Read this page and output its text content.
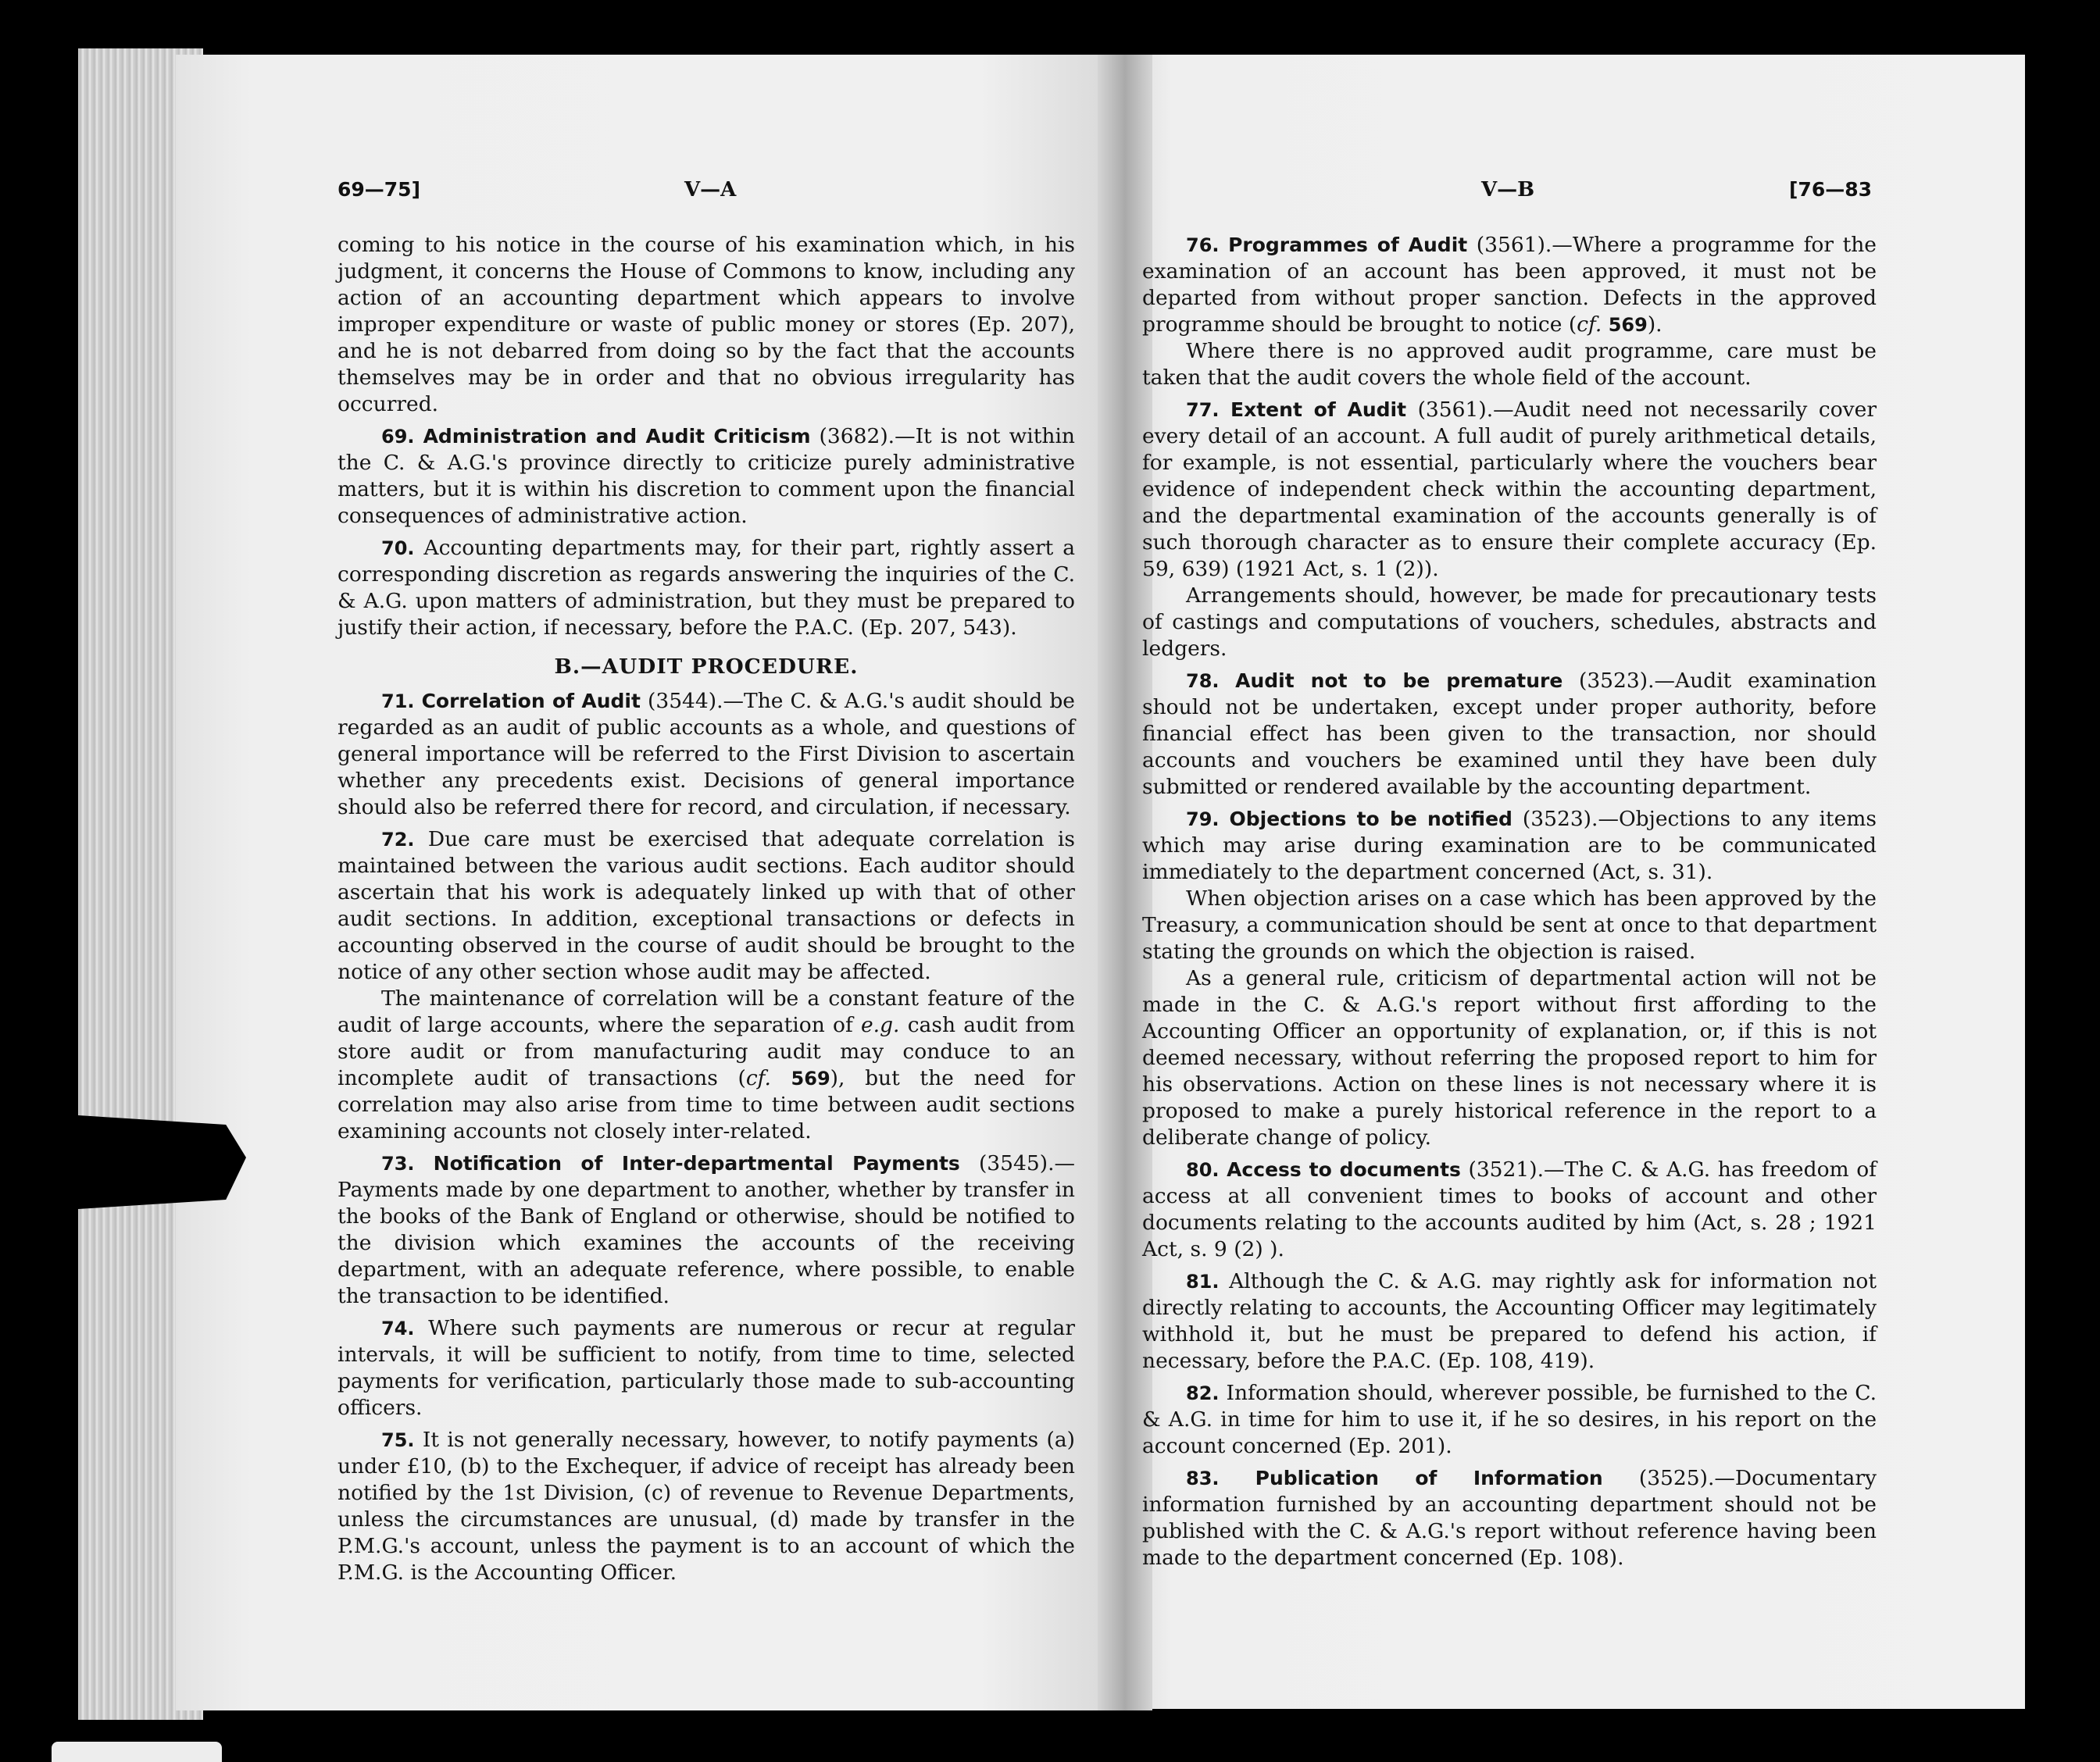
69—75]	V—A	V—B	[76—83

coming to his notice in the course of his examination which, in his judgment, it concerns the House of Commons to know, including any action of an accounting department which appears to involve improper expenditure or waste of public money or stores (Ep. 207), and he is not debarred from doing so by the fact that the accounts themselves may be in order and that no obvious irregularity has occurred.

69. Administration and Audit Criticism (3682).—It is not within the C. & A.G.'s province directly to criticize purely administrative matters, but it is within his discretion to comment upon the financial consequences of administrative action.

70. Accounting departments may, for their part, rightly assert a corresponding discretion as regards answering the inquiries of the C. & A.G. upon matters of administration, but they must be prepared to justify their action, if necessary, before the P.A.C. (Ep. 207, 543).

B.—AUDIT PROCEDURE.

71. Correlation of Audit (3544).—The C. & A.G.'s audit should be regarded as an audit of public accounts as a whole, and questions of general importance will be referred to the First Division to ascertain whether any precedents exist. Decisions of general importance should also be referred there for record, and circulation, if necessary.

72. Due care must be exercised that adequate correlation is maintained between the various audit sections. Each auditor should ascertain that his work is adequately linked up with that of other audit sections. In addition, exceptional transactions or defects in accounting observed in the course of audit should be brought to the notice of any other section whose audit may be affected.

The maintenance of correlation will be a constant feature of the audit of large accounts, where the separation of e.g. cash audit from store audit or from manufacturing audit may conduce to an incomplete audit of transactions (cf. 569), but the need for correlation may also arise from time to time between audit sections examining accounts not closely inter-related.

73. Notification of Inter-departmental Payments (3545).—Payments made by one department to another, whether by transfer in the books of the Bank of England or otherwise, should be notified to the division which examines the accounts of the receiving department, with an adequate reference, where possible, to enable the transaction to be identified.

74. Where such payments are numerous or recur at regular intervals, it will be sufficient to notify, from time to time, selected payments for verification, particularly those made to sub-accounting officers.

75. It is not generally necessary, however, to notify payments (a) under £10, (b) to the Exchequer, if advice of receipt has already been notified by the 1st Division, (c) of revenue to Revenue Departments, unless the circumstances are unusual, (d) made by transfer in the P.M.G.'s account, unless the payment is to an account of which the P.M.G. is the Accounting Officer.

76. Programmes of Audit (3561).—Where a programme for the examination of an account has been approved, it must not be departed from without proper sanction. Defects in the approved programme should be brought to notice (cf. 569).

Where there is no approved audit programme, care must be taken that the audit covers the whole field of the account.

77. Extent of Audit (3561).—Audit need not necessarily cover every detail of an account. A full audit of purely arithmetical details, for example, is not essential, particularly where the vouchers bear evidence of independent check within the accounting department, and the departmental examination of the accounts generally is of such thorough character as to ensure their complete accuracy (Ep. 59, 639) (1921 Act, s. 1 (2)).

Arrangements should, however, be made for precautionary tests of castings and computations of vouchers, schedules, abstracts and ledgers.

78. Audit not to be premature (3523).—Audit examination should not be undertaken, except under proper authority, before financial effect has been given to the transaction, nor should accounts and vouchers be examined until they have been duly submitted or rendered available by the accounting department.

79. Objections to be notified (3523).—Objections to any items which may arise during examination are to be communicated immediately to the department concerned (Act, s. 31).

When objection arises on a case which has been approved by the Treasury, a communication should be sent at once to that department stating the grounds on which the objection is raised.

As a general rule, criticism of departmental action will not be made in the C. & A.G.'s report without first affording to the Accounting Officer an opportunity of explanation, or, if this is not deemed necessary, without referring the proposed report to him for his observations. Action on these lines is not necessary where it is proposed to make a purely historical reference in the report to a deliberate change of policy.

80. Access to documents (3521).—The C. & A.G. has freedom of access at all convenient times to books of account and other documents relating to the accounts audited by him (Act, s. 28 ; 1921 Act, s. 9 (2) ).

81. Although the C. & A.G. may rightly ask for information not directly relating to accounts, the Accounting Officer may legitimately withhold it, but he must be prepared to defend his action, if necessary, before the P.A.C. (Ep. 108, 419).

82. Information should, wherever possible, be furnished to the C. & A.G. in time for him to use it, if he so desires, in his report on the account concerned (Ep. 201).

83. Publication of Information (3525).—Documentary information furnished by an accounting department should not be published with the C. & A.G.'s report without reference having been made to the department concerned (Ep. 108).
